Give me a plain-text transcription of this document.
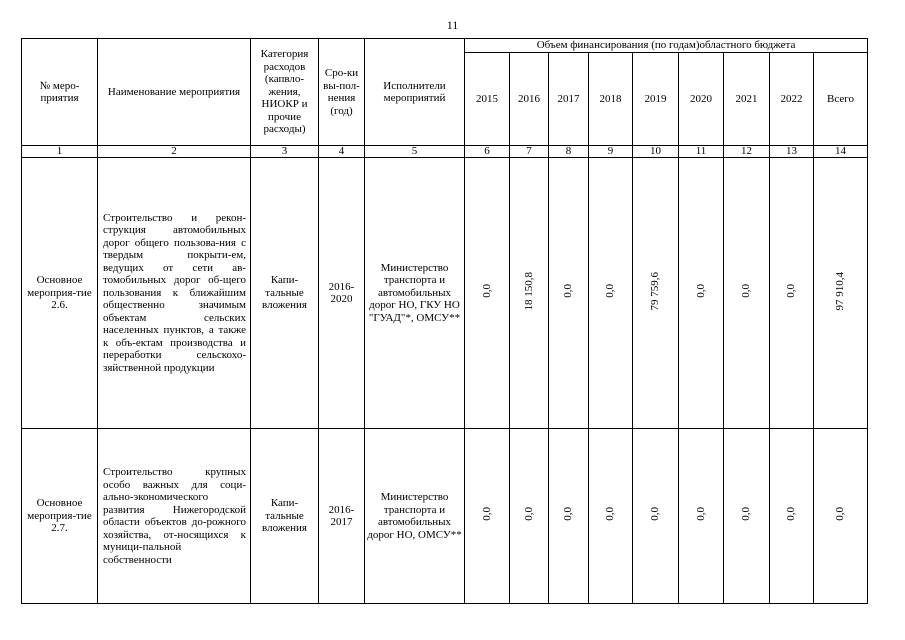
11
№ меро-приятия	Наименование мероприятия	Категория расходов (капвло-жения, НИОКР и прочие расходы)	Сро-ки вы-пол-нения (год)	Исполнители мероприятий	Объем финансирования (по годам)областного бюджета								
					2015	2016	2017	2018	2019	2020	2021	2022	Всего
1	2	3	4	5	6	7	8	9	10	11	12	13	14
Основное мероприя-тие 2.6.	Строительство и рекон-струкция автомобильных дорог общего пользова-ния с твердым покрыти-ем, ведущих от сети ав-томобильных дорог об-щего пользования к ближайшим общественно значимым объектам сельских населенных пунктов, а также к объ-ектам производства и переработки сельскохо-зяйственной продукции	Капи-тальные вложения	2016-2020	Министерство транспорта и автомобильных дорог НО, ГКУ НО "ГУАД"*, ОМСУ**	0,0	18 150,8	0,0	0,0	79 759,6	0,0	0,0	0,0	97 910,4
Основное мероприя-тие 2.7.	Строительство крупных особо важных для соци-ально-экономического развития Нижегородской области объектов до-рожного хозяйства, от-носящихся к муници-пальной собственности	Капи-тальные вложения	2016-2017	Министерство транспорта и автомобильных дорог НО, ОМСУ**	0,0	0,0	0,0	0,0	0,0	0,0	0,0	0,0	0,0
